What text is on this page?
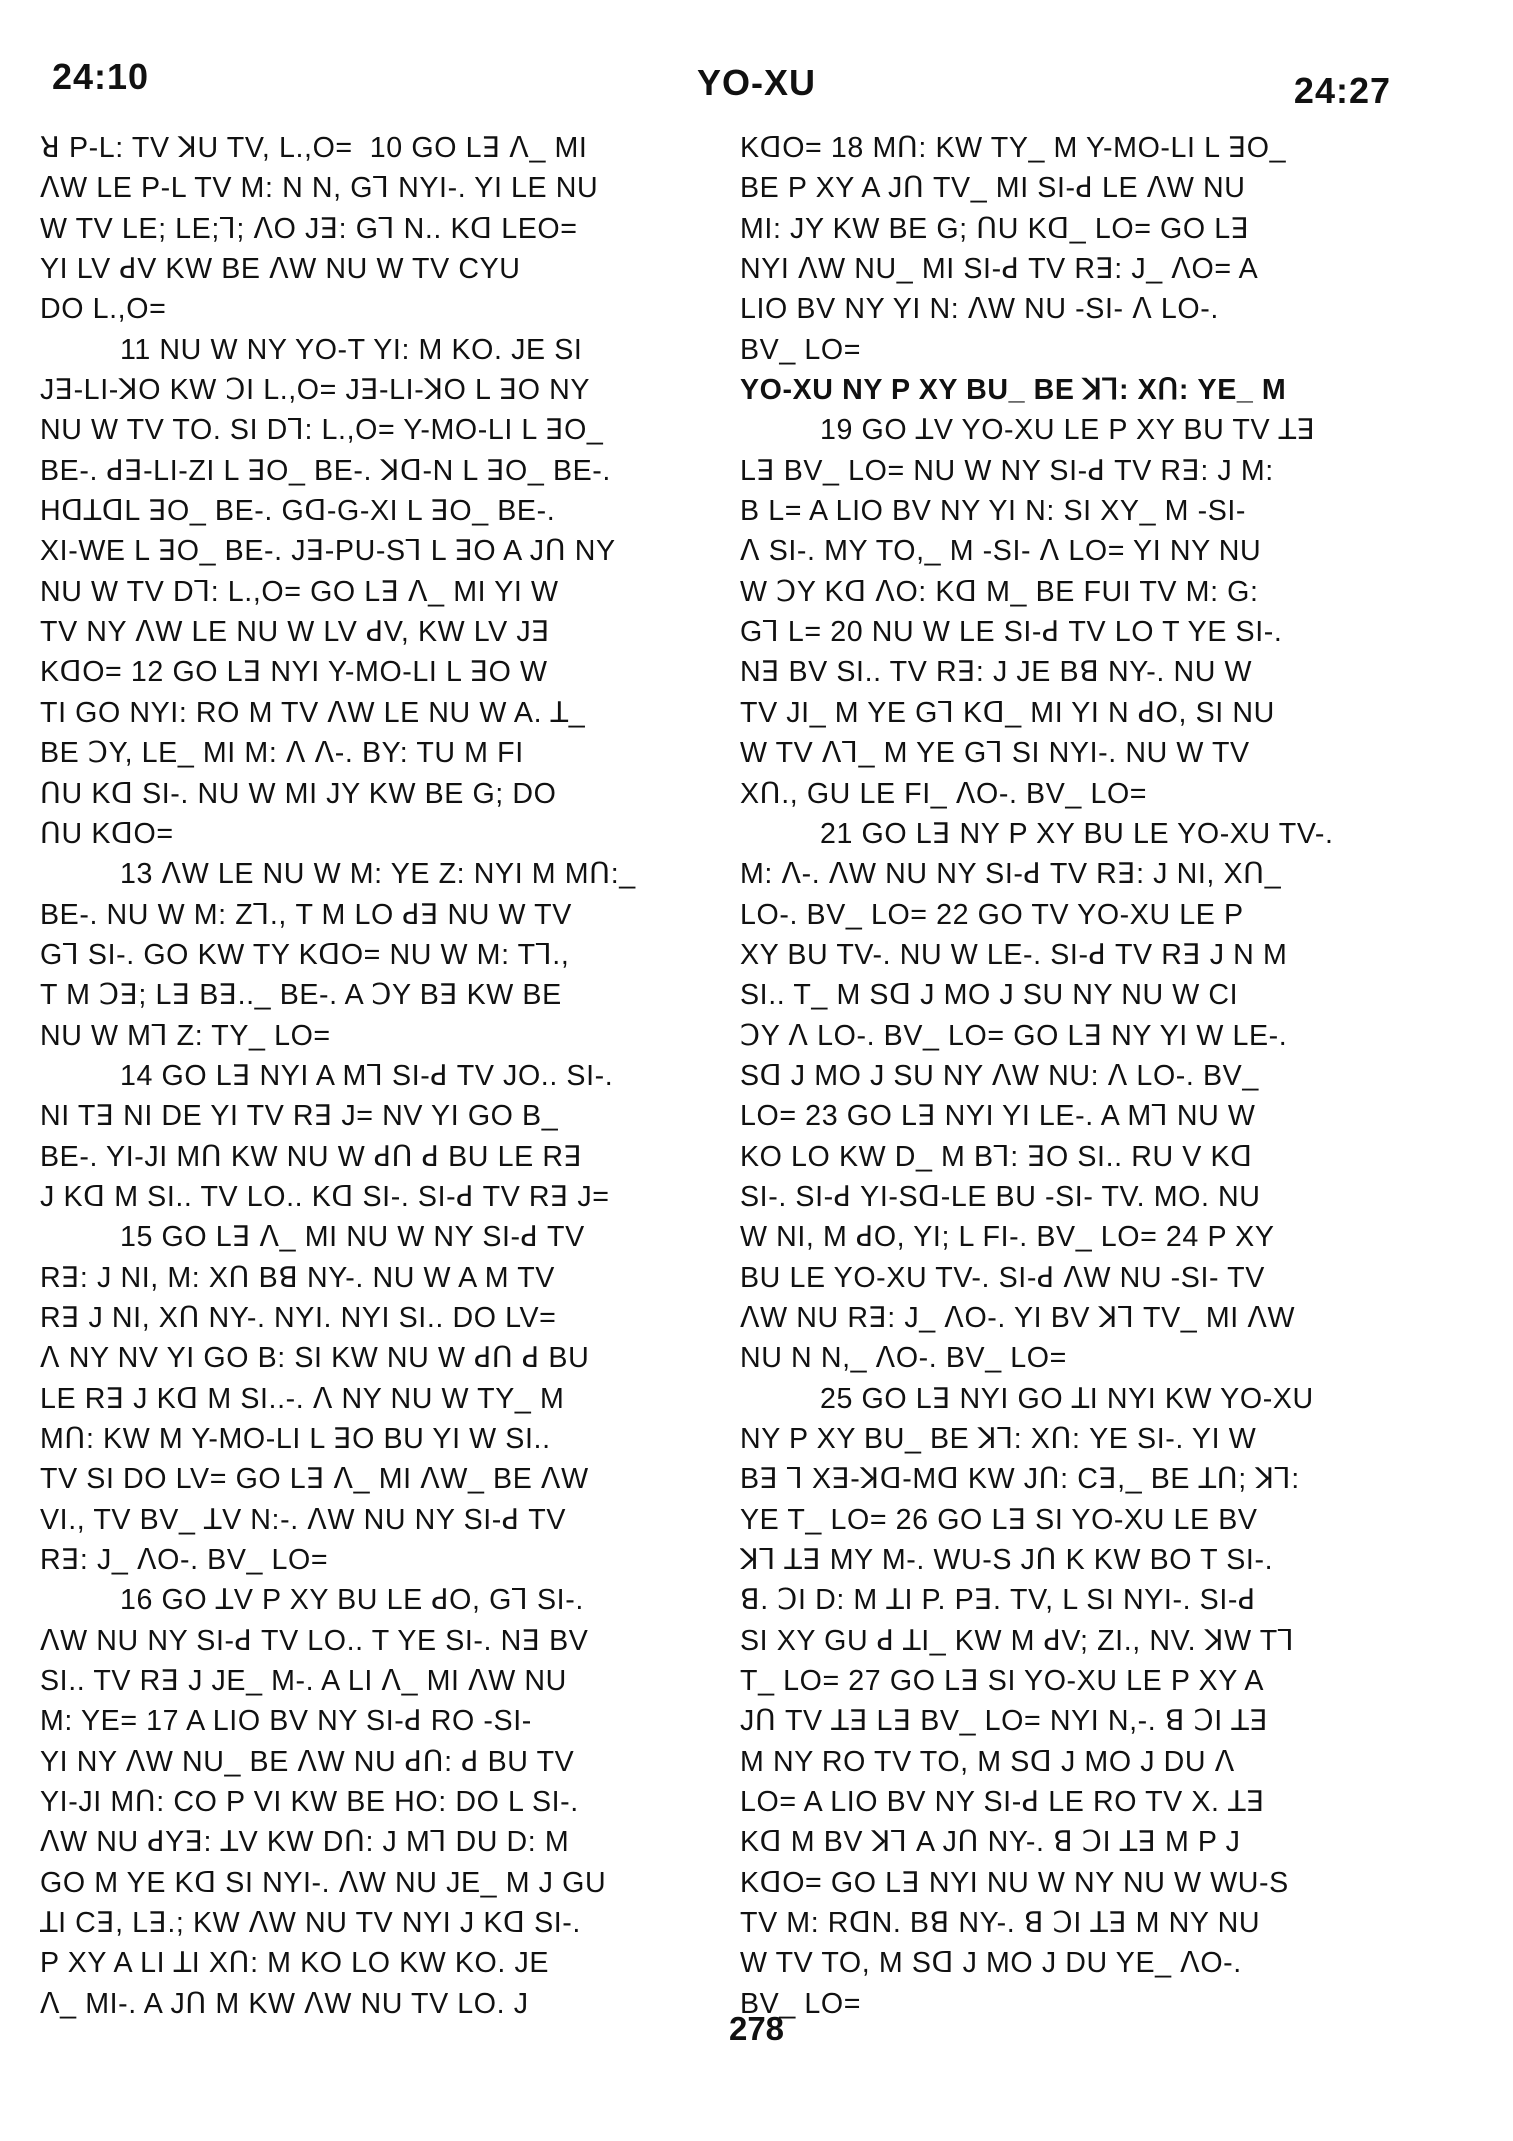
24:10	YO-XU	24:27
ꓤ P-L: TV ꓘU TV, L.,O=  10 GO Lꓱ ꓥ_ MI
ꓥW LE P-L TV M: N N, Gꓶ NYI-. YI LE NU
W TV LE; LE;ꓶ; ꓥO Jꓱ: Gꓶ N.. Kꓷ LEO=
YI LV ꓒV KW BE ꓥW NU W TV CYU
DO L.,O=
11 NU W NY YO-T YI: M KO. JE SI
Jꓱ-LI-ꓘO KW ꓛI L.,O= Jꓱ-LI-ꓘO L ꓱO NY
NU W TV TO. SI Dꓶ: L.,O= Y-MO-LI L ꓱO_
BE-. ꓒꓱ-LI-ZI L ꓱO_ BE-. ꓘꓷ-N L ꓱO_ BE-.
HꓷꓕꓷL ꓱO_ BE-. Gꓷ-G-XI L ꓱO_ BE-.
XI-WE L ꓱO_ BE-. Jꓱ-PU-Sꓶ L ꓱO A Jꓵ NY
NU W TV Dꓶ: L.,O= GO Lꓱ ꓥ_ MI YI W
TV NY ꓥW LE NU W LV ꓒV, KW LV Jꓱ
KꓷO= 12 GO Lꓱ NYI Y-MO-LI L ꓱO W
TI GO NYI: RO M TV ꓥW LE NU W A. ꓕ_
BE ꓛY, LE_ MI M: ꓥ ꓥ-. BY: TU M FI
ꓵU Kꓷ SI-. NU W MI JY KW BE G; DO
ꓵU KꓷO=
13 ꓥW LE NU W M: YE Z: NYI M Mꓵ:_
BE-. NU W M: Zꓶ., T M LO ꓒꓱ NU W TV
Gꓶ SI-. GO KW TY KꓷO= NU W M: Tꓶ.,
T M ꓛꓱ; Lꓱ Bꓱ.._ BE-. A ꓛY Bꓱ KW BE
NU W Mꓶ Z: TY_ LO=
14 GO Lꓱ NYI A Mꓶ SI-ꓒ TV JO.. SI-.
NI Tꓱ NI DE YI TV Rꓱ J= NV YI GO B_
BE-. YI-JI Mꓵ KW NU W ꓒꓵ ꓒ BU LE Rꓱ
J Kꓷ M SI.. TV LO.. Kꓷ SI-. SI-ꓒ TV Rꓱ J=
15 GO Lꓱ ꓥ_ MI NU W NY SI-ꓒ TV
Rꓱ: J NI, M: Xꓵ Bꓭ NY-. NU W A M TV
Rꓱ J NI, Xꓵ NY-. NYI. NYI SI.. DO LV=
ꓥ NY NV YI GO B: SI KW NU W ꓒꓵ ꓒ BU
LE Rꓱ J Kꓷ M SI..-. ꓥ NY NU W TY_ M
Mꓵ: KW M Y-MO-LI L ꓱO BU YI W SI..
TV SI DO LV= GO Lꓱ ꓥ_ MI ꓥW_ BE ꓥW
VI., TV BV_ ꓕV N:-. ꓥW NU NY SI-ꓒ TV
Rꓱ: J_ ꓥO-. BV_ LO=
16 GO ꓕV P XY BU LE ꓒO, Gꓶ SI-.
ꓥW NU NY SI-ꓒ TV LO.. T YE SI-. Nꓱ BV
SI.. TV Rꓱ J JE_ M-. A LI ꓥ_ MI ꓥW NU
M: YE= 17 A LIO BV NY SI-ꓒ RO -SI-
YI NY ꓥW NU_ BE ꓥW NU ꓒꓵ: ꓒ BU TV
YI-JI Mꓵ: CO P VI KW BE HO: DO L SI-.
ꓥW NU ꓒYꓱ: ꓕV KW Dꓵ: J Mꓶ DU D: M
GO M YE Kꓷ SI NYI-. ꓥW NU JE_ M J GU
ꓕI Cꓱ, Lꓱ.; KW ꓥW NU TV NYI J Kꓷ SI-.
P XY A LI ꓕI Xꓵ: M KO LO KW KO. JE
ꓥ_ MI-. A Jꓵ M KW ꓥW NU TV LO. J
KꓷO= 18 Mꓵ: KW TY_ M Y-MO-LI L ꓱO_
BE P XY A Jꓵ TV_ MI SI-ꓒ LE ꓥW NU
MI: JY KW BE G; ꓵU Kꓷ_ LO= GO Lꓱ
NYI ꓥW NU_ MI SI-ꓒ TV Rꓱ: J_ ꓥO= A
LIO BV NY YI N: ꓥW NU -SI- ꓥ LO-.
BV_ LO=
YO-XU NY P XY BU_ BE ꓘꓶ: Xꓵ: YE_ M
19 GO ꓕV YO-XU LE P XY BU TV ꓕꓱ
Lꓱ BV_ LO= NU W NY SI-ꓒ TV Rꓱ: J M:
B L= A LIO BV NY YI N: SI XY_ M -SI-
ꓥ SI-. MY TO,_ M -SI- ꓥ LO= YI NY NU
W ꓛY Kꓷ ꓥO: Kꓷ M_ BE FUI TV M: G:
Gꓶ L= 20 NU W LE SI-ꓒ TV LO T YE SI-.
Nꓱ BV SI.. TV Rꓱ: J JE Bꓭ NY-. NU W
TV JI_ M YE Gꓶ Kꓷ_ MI YI N ꓒO, SI NU
W TV ꓥꓶ_ M YE Gꓶ SI NYI-. NU W TV
Xꓵ., GU LE FI_ ꓥO-. BV_ LO=
21 GO Lꓱ NY P XY BU LE YO-XU TV-.
M: ꓥ-. ꓥW NU NY SI-ꓒ TV Rꓱ: J NI, Xꓵ_
LO-. BV_ LO= 22 GO TV YO-XU LE P
XY BU TV-. NU W LE-. SI-ꓒ TV Rꓱ J N M
SI.. T_ M Sꓷ J MO J SU NY NU W CI
ꓛY ꓥ LO-. BV_ LO= GO Lꓱ NY YI W LE-.
Sꓷ J MO J SU NY ꓥW NU: ꓥ LO-. BV_
LO= 23 GO Lꓱ NYI YI LE-. A Mꓶ NU W
KO LO KW D_ M Bꓶ: ꓱO SI.. RU V Kꓷ
SI-. SI-ꓒ YI-Sꓷ-LE BU -SI- TV. MO. NU
W NI, M ꓒO, YI; L FI-. BV_ LO= 24 P XY
BU LE YO-XU TV-. SI-ꓒ ꓥW NU -SI- TV
ꓥW NU Rꓱ: J_ ꓥO-. YI BV ꓘꓶ TV_ MI ꓥW
NU N N,_ ꓥO-. BV_ LO=
25 GO Lꓱ NYI GO ꓕI NYI KW YO-XU
NY P XY BU_ BE ꓘꓶ: Xꓵ: YE SI-. YI W
Bꓱ ꓶ Xꓱ-ꓘꓷ-Mꓷ KW Jꓵ: Cꓱ,_ BE ꓕꓵ; ꓘꓶ:
YE T_ LO= 26 GO Lꓱ SI YO-XU LE BV
ꓘꓶ ꓕꓱ MY M-. WU-S Jꓵ K KW BO T SI-.
ꓭ. ꓛI D: M ꓕI P. Pꓱ. TV, L SI NYI-. SI-ꓒ
SI XY GU ꓒ ꓕI_ KW M ꓒV; ZI., NV. ꓘW Tꓶ
T_ LO= 27 GO Lꓱ SI YO-XU LE P XY A
Jꓵ TV ꓕꓱ Lꓱ BV_ LO= NYI N,-. ꓭ ꓛI ꓕꓱ
M NY RO TV TO, M Sꓷ J MO J DU ꓥ
LO= A LIO BV NY SI-ꓒ LE RO TV X. ꓕꓱ
Kꓷ M BV ꓘꓶ A Jꓵ NY-. ꓭ ꓛI ꓕꓱ M P J
KꓷO= GO Lꓱ NYI NU W NY NU W WU-S
TV M: RꓷN. Bꓭ NY-. ꓭ ꓛI ꓕꓱ M NY NU
W TV TO, M Sꓷ J MO J DU YE_ ꓥO-.
BV_ LO=
278
